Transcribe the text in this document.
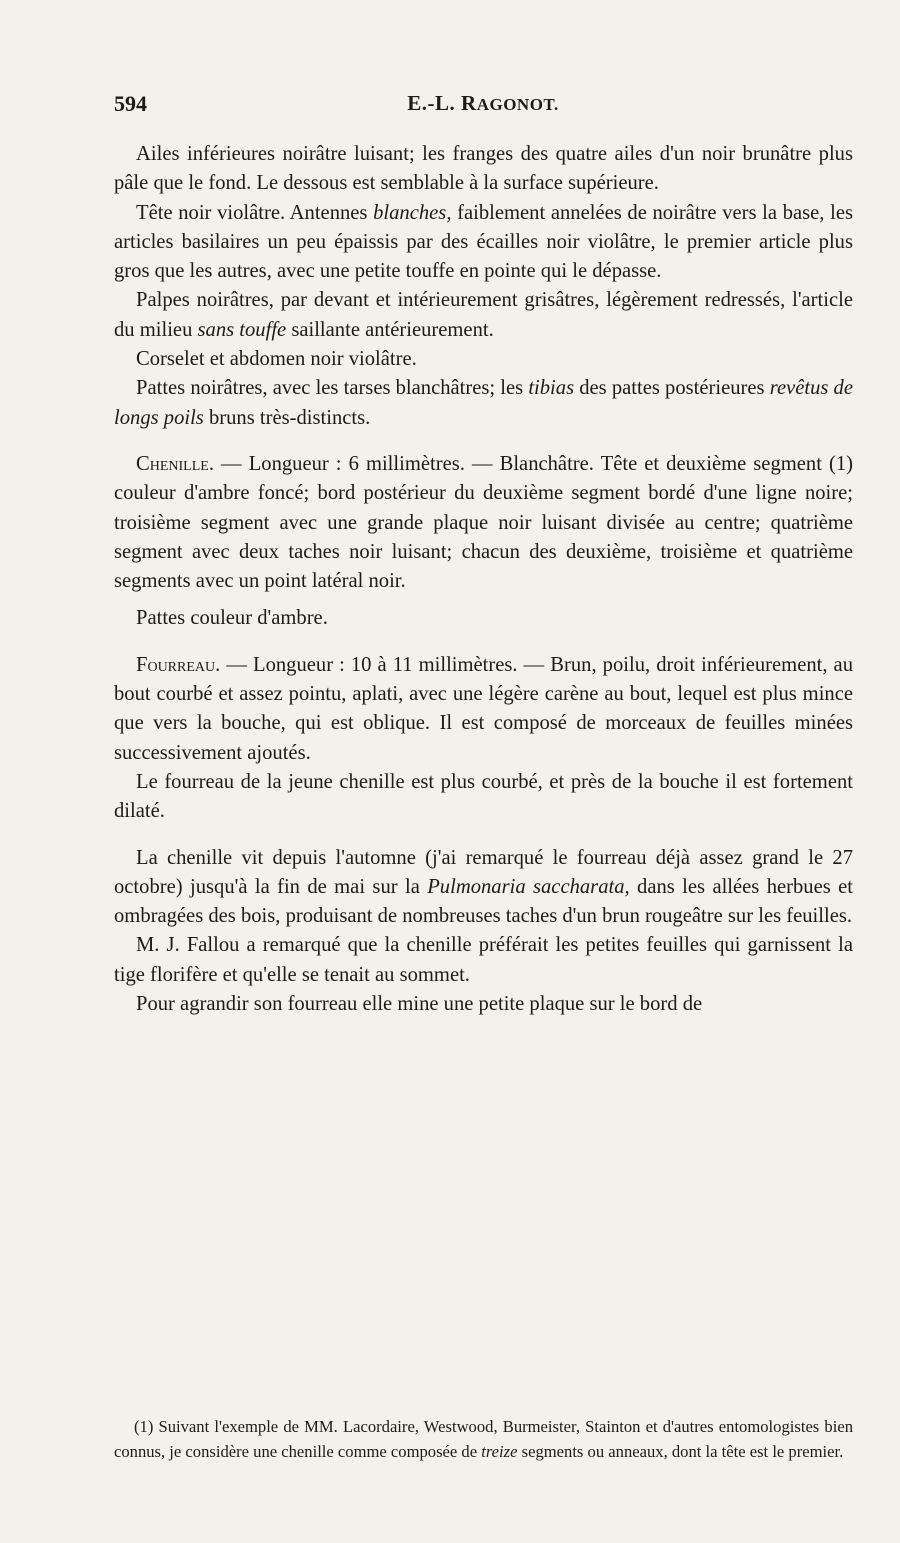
594	E.-L. RAGONOT.

Ailes inférieures noirâtre luisant; les franges des quatre ailes d'un noir brunâtre plus pâle que le fond. Le dessous est semblable à la surface supérieure.

Tête noir violâtre. Antennes blanches, faiblement annelées de noirâtre vers la base, les articles basilaires un peu épaissis par des écailles noir violâtre, le premier article plus gros que les autres, avec une petite touffe en pointe qui le dépasse.

Palpes noirâtres, par devant et intérieurement grisâtres, légèrement redressés, l'article du milieu sans touffe saillante antérieurement.

Corselet et abdomen noir violâtre.

Pattes noirâtres, avec les tarses blanchâtres; les tibias des pattes postérieures revêtus de longs poils bruns très-distincts.

Chenille. — Longueur : 6 millimètres. — Blanchâtre. Tête et deuxième segment (1) couleur d'ambre foncé; bord postérieur du deuxième segment bordé d'une ligne noire; troisième segment avec une grande plaque noir luisant divisée au centre; quatrième segment avec deux taches noir luisant; chacun des deuxième, troisième et quatrième segments avec un point latéral noir.

Pattes couleur d'ambre.

Fourreau. — Longueur : 10 à 11 millimètres. — Brun, poilu, droit inférieurement, au bout courbé et assez pointu, aplati, avec une légère carène au bout, lequel est plus mince que vers la bouche, qui est oblique. Il est composé de morceaux de feuilles minées successivement ajoutés.

Le fourreau de la jeune chenille est plus courbé, et près de la bouche il est fortement dilaté.

La chenille vit depuis l'automne (j'ai remarqué le fourreau déjà assez grand le 27 octobre) jusqu'à la fin de mai sur la Pulmonaria saccharata, dans les allées herbues et ombragées des bois, produisant de nombreuses taches d'un brun rougeâtre sur les feuilles.

M. J. Fallou a remarqué que la chenille préférait les petites feuilles qui garnissent la tige florifère et qu'elle se tenait au sommet.

Pour agrandir son fourreau elle mine une petite plaque sur le bord de

(1) Suivant l'exemple de MM. Lacordaire, Westwood, Burmeister, Stainton et d'autres entomologistes bien connus, je considère une chenille comme composée de treize segments ou anneaux, dont la tête est le premier.
